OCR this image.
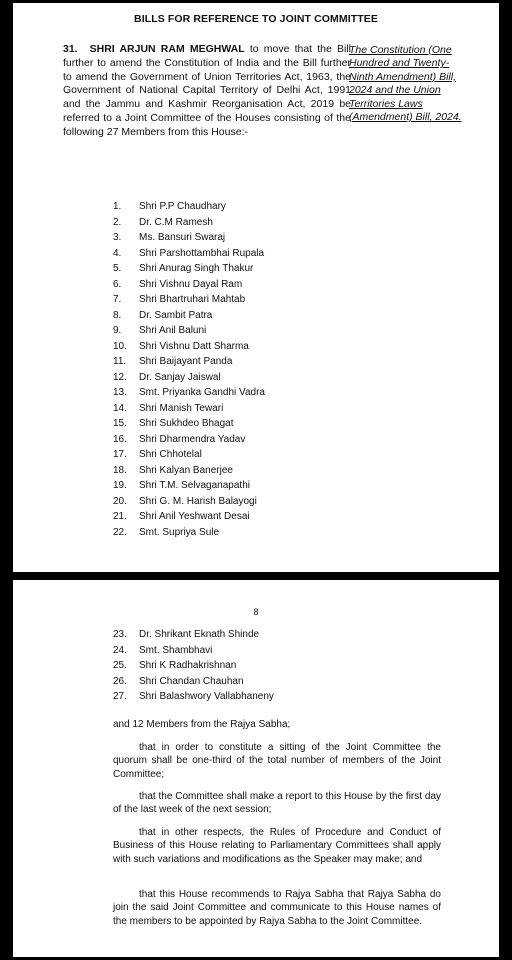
BILLS FOR REFERENCE TO JOINT COMMITTEE
31. SHRI ARJUN RAM MEGHWAL to move that the Bill further to amend the Constitution of India and the Bill further to amend the Government of Union Territories Act, 1963, the Government of National Capital Territory of Delhi Act, 1991 and the Jammu and Kashmir Reorganisation Act, 2019 be referred to a Joint Committee of the Houses consisting of the following 27 Members from this House:-
The Constitution (One Hundred and Twenty-Ninth Amendment) Bill, 2024 and the Union Territories Laws (Amendment) Bill, 2024.
1. Shri P.P Chaudhary
2. Dr. C.M Ramesh
3. Ms. Bansuri Swaraj
4. Shri Parshottambhai Rupala
5. Shri Anurag Singh Thakur
6. Shri Vishnu Dayal Ram
7. Shri Bhartruhari Mahtab
8. Dr. Sambit Patra
9. Shri Anil Baluni
10. Shri Vishnu Datt Sharma
11. Shri Baijayant Panda
12. Dr. Sanjay Jaiswal
13. Smt. Priyanka Gandhi Vadra
14. Shri Manish Tewari
15. Shri Sukhdeo Bhagat
16. Shri Dharmendra Yadav
17. Shri Chhotelal
18. Shri Kalyan Banerjee
19. Shri T.M. Selvaganapathi
20. Shri G. M. Harish Balayogi
21. Shri Anil Yeshwant Desai
22. Smt. Supriya Sule
8
23. Dr. Shrikant Eknath Shinde
24. Smt. Shambhavi
25. Shri K Radhakrishnan
26. Shri Chandan Chauhan
27. Shri Balashwory Vallabhaneny

and 12 Members from the Rajya Sabha;

that in order to constitute a sitting of the Joint Committee the quorum shall be one-third of the total number of members of the Joint Committee;

that the Committee shall make a report to this House by the first day of the last week of the next session;

that in other respects, the Rules of Procedure and Conduct of Business of this House relating to Parliamentary Committees shall apply with such variations and modifications as the Speaker may make; and

that this House recommends to Rajya Sabha that Rajya Sabha do join the said Joint Committee and communicate to this House names of the members to be appointed by Rajya Sabha to the Joint Committee.
